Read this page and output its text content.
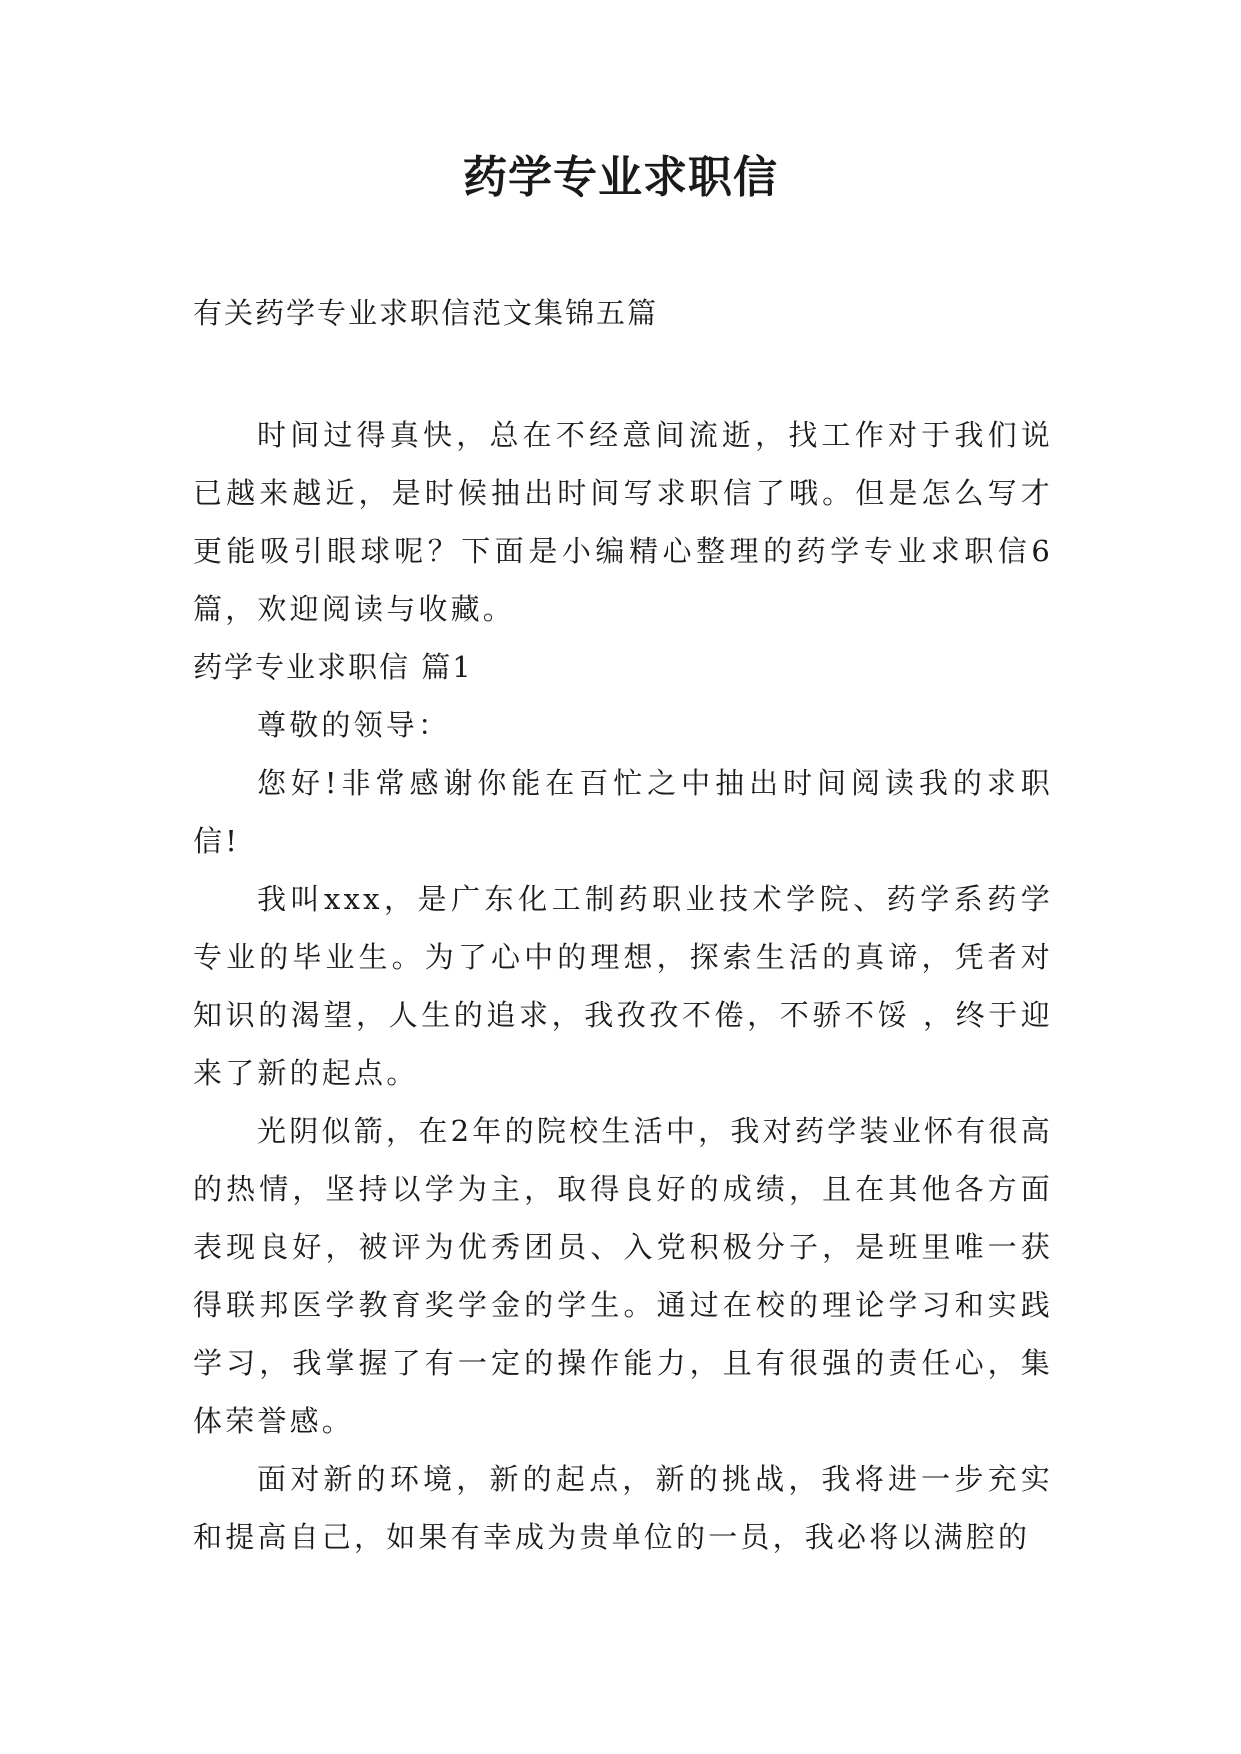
药学专业求职信

有关药学专业求职信范文集锦五篇

时间过得真快，总在不经意间流逝，找工作对于我们说已越来越近，是时候抽出时间写求职信了哦。但是怎么写才更能吸引眼球呢？下面是小编精心整理的药学专业求职信6篇，欢迎阅读与收藏。

药学专业求职信 篇1

尊敬的领导：

您好!非常感谢你能在百忙之中抽出时间阅读我的求职信!

我叫xxx，是广东化工制药职业技术学院、药学系药学专业的毕业生。为了心中的理想，探索生活的真谛，凭者对知识的渴望，人生的追求，我孜孜不倦，不骄不馁 ，终于迎来了新的起点。

光阴似箭，在2年的院校生活中，我对药学装业怀有很高的热情，坚持以学为主，取得良好的成绩，且在其他各方面表现良好，被评为优秀团员、入党积极分子，是班里唯一获得联邦医学教育奖学金的学生。通过在校的理论学习和实践学习，我掌握了有一定的操作能力，且有很强的责任心，集体荣誉感。

面对新的环境，新的起点，新的挑战，我将进一步充实和提高自己，如果有幸成为贵单位的一员，我必将以满腔的
